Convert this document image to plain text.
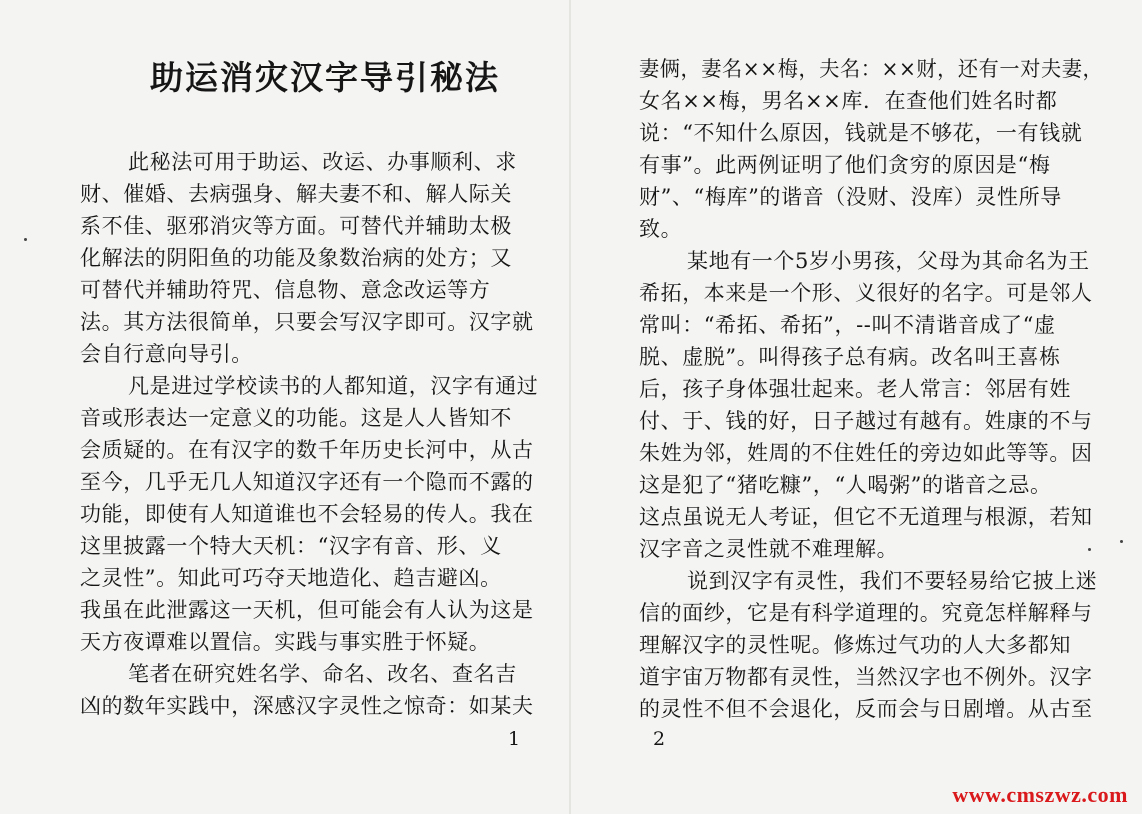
助运消灾汉字导引秘法
此秘法可用于助运、改运、办事顺利、求
财、催婚、去病强身、解夫妻不和、解人际关
系不佳、驱邪消灾等方面。可替代并辅助太极
化解法的阴阳鱼的功能及象数治病的处方；又
可替代并辅助符咒、信息物、意念改运等方
法。其方法很简单，只要会写汉字即可。汉字就
会自行意向导引。
凡是进过学校读书的人都知道，汉字有通过
音或形表达一定意义的功能。这是人人皆知不
会质疑的。在有汉字的数千年历史长河中，从古
至今，几乎无几人知道汉字还有一个隐而不露的
功能，即使有人知道谁也不会轻易的传人。我在
这里披露一个特大天机：“汉字有音、形、义
之灵性”。知此可巧夺天地造化、趋吉避凶。
我虽在此泄露这一天机，但可能会有人认为这是
天方夜谭难以置信。实践与事实胜于怀疑。
笔者在研究姓名学、命名、改名、查名吉
凶的数年实践中，深感汉字灵性之惊奇：如某夫
1
妻俩，妻名××梅，夫名：××财，还有一对夫妻，
女名××梅，男名××库．在查他们姓名时都
说：“不知什么原因，钱就是不够花，一有钱就
有事”。此两例证明了他们贪穷的原因是“梅
财”、“梅库”的谐音（没财、没库）灵性所导
致。
某地有一个5岁小男孩，父母为其命名为王
希拓，本来是一个形、义很好的名字。可是邻人
常叫：“希拓、希拓”，--叫不清谐音成了“虚
脱、虚脱”。叫得孩子总有病。改名叫王喜栋
后，孩子身体强壮起来。老人常言：邻居有姓
付、于、钱的好，日子越过有越有。姓康的不与
朱姓为邻，姓周的不住姓任的旁边如此等等。因
这是犯了“猪吃糠”，“人喝粥”的谐音之忌。
这点虽说无人考证，但它不无道理与根源，若知
汉字音之灵性就不难理解。
说到汉字有灵性，我们不要轻易给它披上迷
信的面纱，它是有科学道理的。究竟怎样解释与
理解汉字的灵性呢。修炼过气功的人大多都知
道宇宙万物都有灵性，当然汉字也不例外。汉字
的灵性不但不会退化，反而会与日剧增。从古至
2
www.cmszwz.com
